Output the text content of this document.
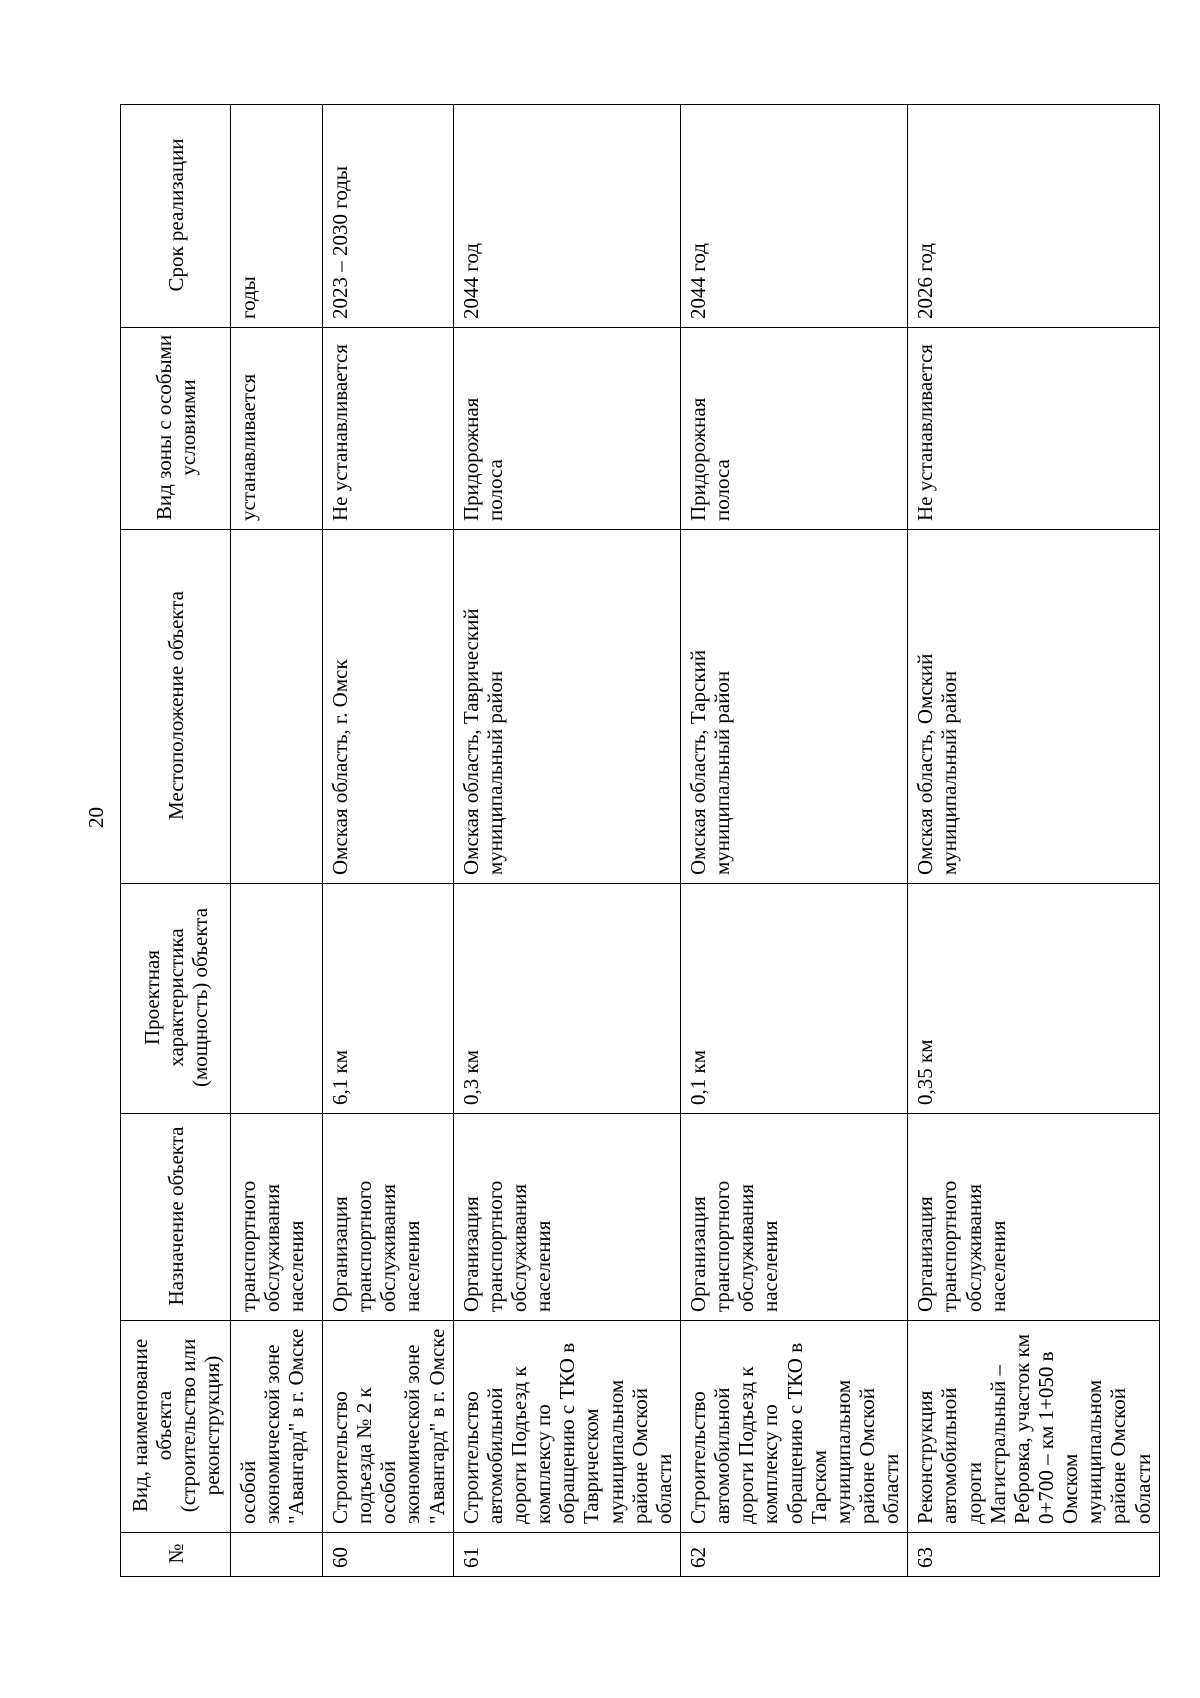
20
№	Вид, наименование объекта (строительство или реконструкция)	Назначение объекта	Проектная характеристика (мощность) объекта	Местоположение объекта	Вид зоны с особыми условиями	Срок реализации
	особой экономической зоне "Авангард" в г. Омске	транспортного обслуживания населения			устанавливается	годы
60	Строительство подъезда № 2 к особой экономической зоне "Авангард" в г. Омске	Организация транспортного обслуживания населения	6,1 км	Омская область, г. Омск	Не устанавливается	2023 – 2030 годы
61	Строительство автомобильной дороги Подъезд к комплексу по обращению с ТКО в Таврическом муниципальном районе Омской области	Организация транспортного обслуживания населения	0,3 км	Омская область, Таврический муниципальный район	Придорожная полоса	2044 год
62	Строительство автомобильной дороги Подъезд к комплексу по обращению с ТКО в Тарском муниципальном районе Омской области	Организация транспортного обслуживания населения	0,1 км	Омская область, Тарский муниципальный район	Придорожная полоса	2044 год
63	Реконструкция автомобильной дороги Магистральный – Ребровка, участок км 0+700 – км 1+050 в Омском муниципальном районе Омской области	Организация транспортного обслуживания населения	0,35 км	Омская область, Омский муниципальный район	Не устанавливается	2026 год
